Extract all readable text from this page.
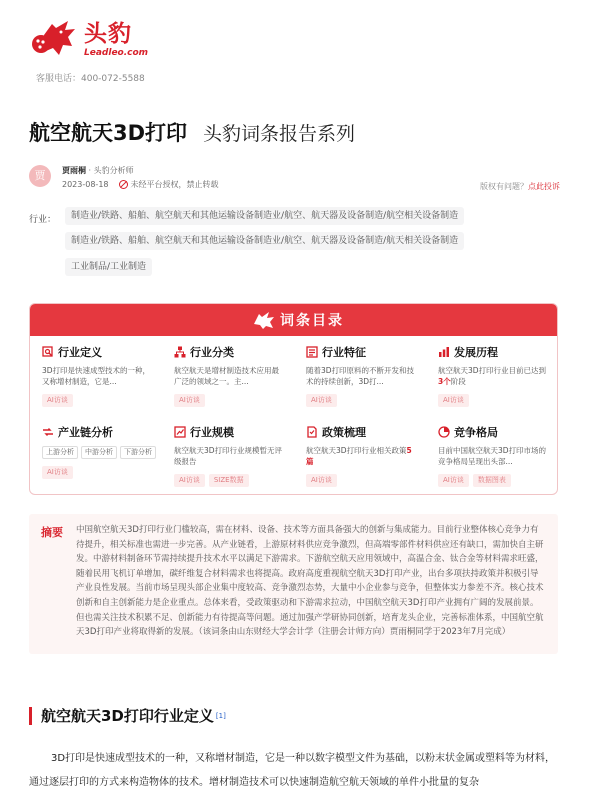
头豹
Leadleo.com
客服电话：400-072-5588
航空航天3D打印 头豹词条报告系列
贾	贾雨桐 · 头豹分析师
2023-08-18	未经平台授权，禁止转载	版权有问题？点此投诉
行业：	制造业/铁路、船舶、航空航天和其他运输设备制造业/航空、航天器及设备制造/航空相关设备制造
制造业/铁路、船舶、航空航天和其他运输设备制造业/航空、航天器及设备制造/航天相关设备制造
工业制品/工业制造
词条目录
行业定义
3D打印是快速成型技术的一种，又称增材制造，它是...
AI访谈
行业分类
航空航天是增材制造技术应用最广泛的领域之一。主...
AI访谈
行业特征
随着3D打印原料的不断开发和技术的持续创新，3D打...
AI访谈
发展历程
航空航天3D打印行业目前已达到3个阶段
AI访谈
产业链分析
上游分析	中游分析	下游分析
AI访谈
行业规模
航空航天3D打印行业规模暂无评级报告
AI访谈 SIZE数据
政策梳理
航空航天3D打印行业相关政策5篇
AI访谈
竞争格局
目前中国航空航天3D打印市场的竞争格局呈现出头部...
AI访谈 数据图表
摘要 中国航空航天3D打印行业门槛较高，需在材料、设备、技术等方面具备强大的创新与集成能力。目前行业整体核心竞争力有待提升，相关标准也需进一步完善。从产业链看，上游原材料供应竞争激烈，但高端零部件材料供应还有缺口，需加快自主研发。中游材料制备环节需持续提升技术水平以满足下游需求。下游航空航天应用领域中，高温合金、钛合金等材料需求旺盛，随着民用飞机订单增加，碳纤维复合材料需求也将提高。政府高度重视航空航天3D打印产业，出台多项扶持政策并积极引导产业良性发展。当前市场呈现头部企业集中度较高、竞争激烈态势，大量中小企业参与竞争，但整体实力参差不齐。核心技术创新和自主创新能力是企业重点。总体来看，受政策驱动和下游需求拉动，中国航空航天3D打印产业拥有广阔的发展前景。但也需关注技术积累不足、创新能力有待提高等问题。通过加强产学研协同创新，培育龙头企业，完善标准体系，中国航空航天3D打印产业将取得新的发展。（该词条由山东财经大学会计学（注册会计师方向）贾雨桐同学于2023年7月完成）
航空航天3D打印行业定义 [1]
3D打印是快速成型技术的一种，又称增材制造，它是一种以数字模型文件为基础，以粉末状金属或塑料等为材料，通过逐层打印的方式来构造物体的技术。增材制造技术可以快速制造航空航天领域的单件小批量的复杂
